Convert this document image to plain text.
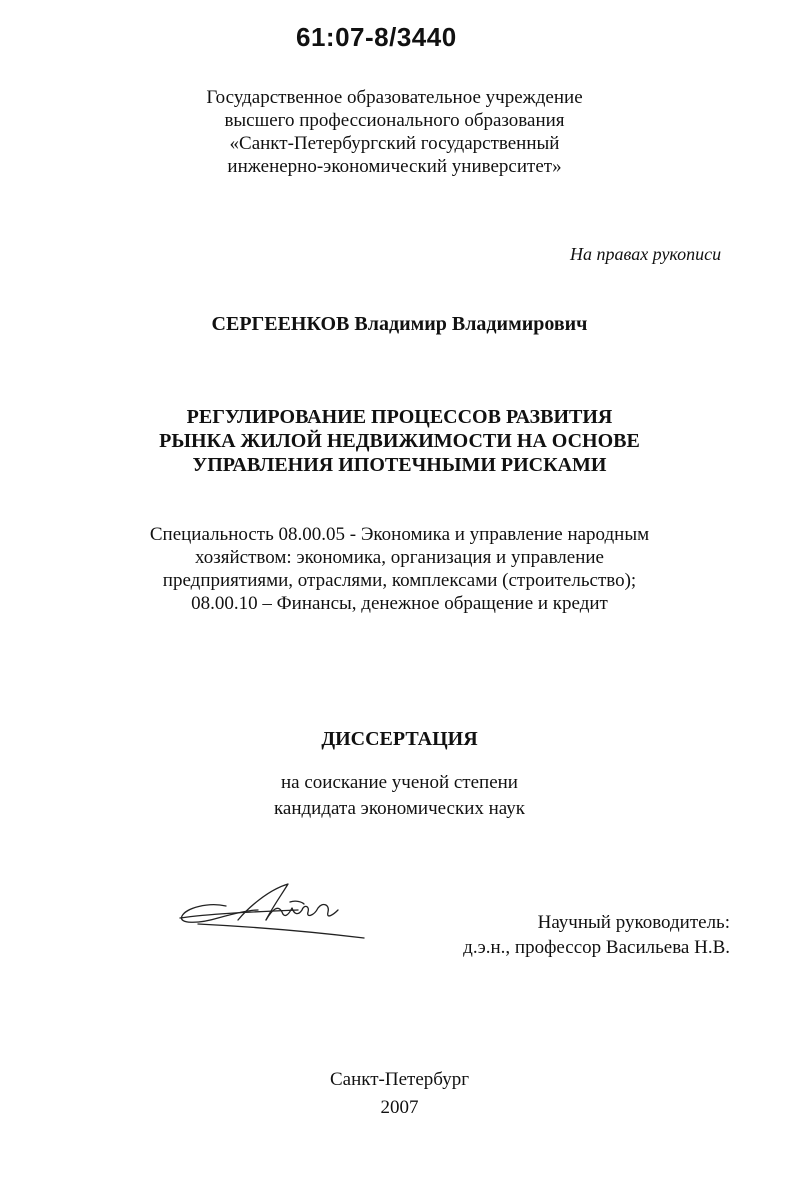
61:07-8/3440
Государственное образовательное учреждение
высшего профессионального образования
«Санкт-Петербургский государственный
инженерно-экономический университет»
На правах рукописи
СЕРГЕЕНКОВ Владимир Владимирович
РЕГУЛИРОВАНИЕ ПРОЦЕССОВ РАЗВИТИЯ
РЫНКА ЖИЛОЙ НЕДВИЖИМОСТИ НА ОСНОВЕ
УПРАВЛЕНИЯ ИПОТЕЧНЫМИ РИСКАМИ
Специальность 08.00.05 - Экономика и управление народным
хозяйством: экономика, организация и управление
предприятиями, отраслями, комплексами (строительство);
08.00.10 – Финансы, денежное обращение и кредит
ДИССЕРТАЦИЯ
на соискание ученой степени
кандидата экономических наук
Научный руководитель:
д.э.н., профессор Васильева Н.В.
Санкт-Петербург
2007
